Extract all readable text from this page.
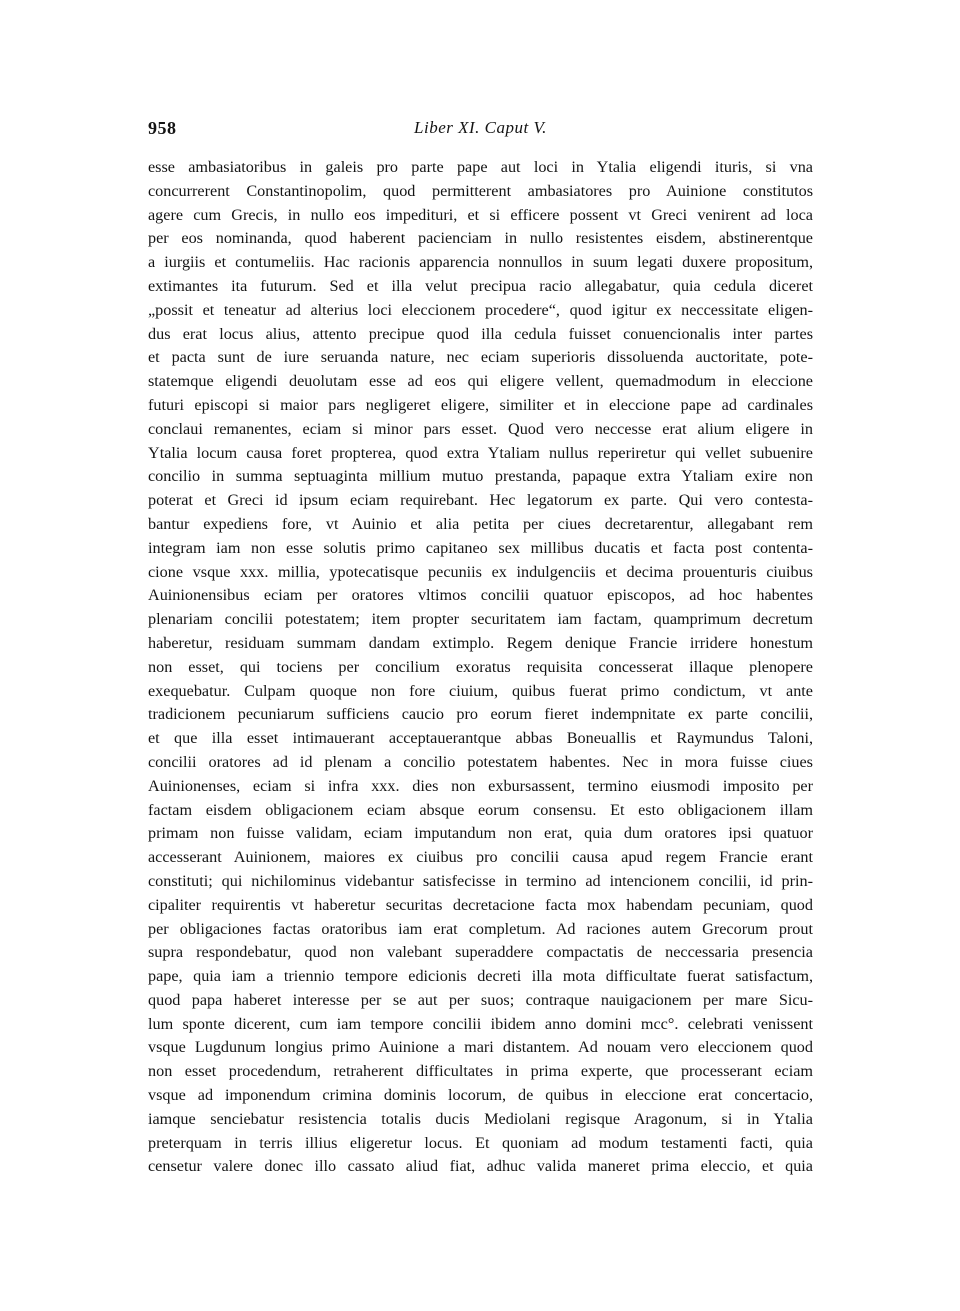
958	Liber XI. Caput V.
esse ambasiatoribus in galeis pro parte pape aut loci in Ytalia eligendi ituris, si vna
concurrerent Constantinopolim, quod permitterent ambasiatores pro Auinione constitutos
agere cum Grecis, in nullo eos impedituri, et si efficere possent vt Greci venirent ad loca
per eos nominanda, quod haberent pacienciam in nullo resistentes eisdem, abstinerentque
a iurgiis et contumeliis. Hac racionis apparencia nonnullos in suum legati duxere propositum,
extimantes ita futurum. Sed et illa velut precipua racio allegabatur, quia cedula diceret
„possit et teneatur ad alterius loci eleccionem procedere“, quod igitur ex neccessitate eligen-
dus erat locus alius, attento precipue quod illa cedula fuisset conuencionalis inter partes
et pacta sunt de iure seruanda nature, nec eciam superioris dissoluenda auctoritate, pote-
statemque eligendi deuolutam esse ad eos qui eligere vellent, quemadmodum in eleccione
futuri episcopi si maior pars negligeret eligere, similiter et in eleccione pape ad cardinales
conclaui remanentes, eciam si minor pars esset. Quod vero neccesse erat alium eligere in
Ytalia locum causa foret propterea, quod extra Ytaliam nullus reperiretur qui vellet subuenire
concilio in summa septuaginta millium mutuo prestanda, papaque extra Ytaliam exire non
poterat et Greci id ipsum eciam requirebant. Hec legatorum ex parte. Qui vero contesta-
bantur expediens fore, vt Auinio et alia petita per ciues decretarentur, allegabant rem
integram iam non esse solutis primo capitaneo sex millibus ducatis et facta post contenta-
cione vsque xxx. millia, ypotecatisque pecuniis ex indulgenciis et decima prouenturis ciuibus
Auinionensibus eciam per oratores vltimos concilii quatuor episcopos, ad hoc habentes
plenariam concilii potestatem; item propter securitatem iam factam, quamprimum decretum
haberetur, residuam summam dandam extimplo. Regem denique Francie irridere honestum
non esset, qui tociens per concilium exoratus requisita concesserat illaque plenopere
exequebatur. Culpam quoque non fore ciuium, quibus fuerat primo condictum, vt ante
tradicionem pecuniarum sufficiens caucio pro eorum fieret indempnitate ex parte concilii,
et que illa esset intimauerant acceptauerantque abbas Boneuallis et Raymundus Taloni,
concilii oratores ad id plenam a concilio potestatem habentes. Nec in mora fuisse ciues
Auinionenses, eciam si infra xxx. dies non exbursassent, termino eiusmodi imposito per
factam eisdem obligacionem eciam absque eorum consensu. Et esto obligacionem illam
primam non fuisse validam, eciam imputandum non erat, quia dum oratores ipsi quatuor
accesserant Auinionem, maiores ex ciuibus pro concilii causa apud regem Francie erant
constituti; qui nichilominus videbantur satisfecisse in termino ad intencionem concilii, id prin-
cipaliter requirentis vt haberetur securitas decretacione facta mox habendam pecuniam, quod
per obligaciones factas oratoribus iam erat completum. Ad raciones autem Grecorum prout
supra respondebatur, quod non valebant superaddere compactatis de neccessaria presencia
pape, quia iam a triennio tempore edicionis decreti illa mota difficultate fuerat satisfactum,
quod papa haberet interesse per se aut per suos; contraque nauigacionem per mare Sicu-
lum sponte dicerent, cum iam tempore concilii ibidem anno domini mcc°. celebrati venissent
vsque Lugdunum longius primo Auinione a mari distantem. Ad nouam vero eleccionem quod
non esset procedendum, retraherent difficultates in prima experte, que processerant eciam
vsque ad imponendum crimina dominis locorum, de quibus in eleccione erat concertacio,
iamque senciebatur resistencia totalis ducis Mediolani regisque Aragonum, si in Ytalia
preterquam in terris illius eligeretur locus. Et quoniam ad modum testamenti facti, quia
censetur valere donec illo cassato aliud fiat, adhuc valida maneret prima eleccio, et quia
